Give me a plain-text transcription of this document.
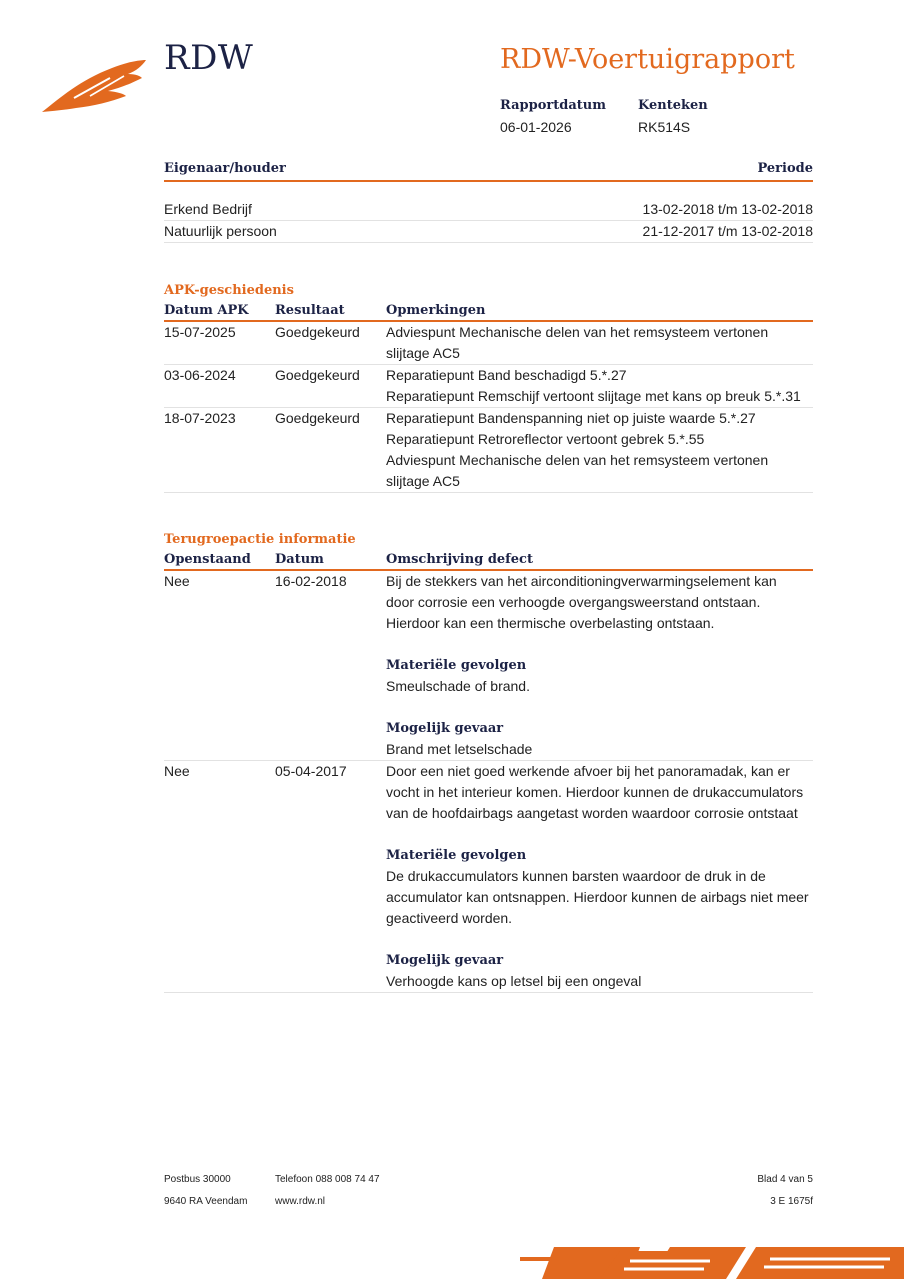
RDW	RDW-Voertuigrapport
Rapportdatum
06-01-2026
Kenteken
RK514S
Eigenaar/houder	Periode
Erkend Bedrijf	13-02-2018 t/m 13-02-2018
Natuurlijk persoon	21-12-2017 t/m 13-02-2018
APK-geschiedenis
Datum APK	Resultaat	Opmerkingen
15-07-2025	Goedgekeurd	Adviespunt Mechanische delen van het remsysteem vertonen
slijtage AC5
03-06-2024	Goedgekeurd	Reparatiepunt Band beschadigd 5.*.27
Reparatiepunt Remschijf vertoont slijtage met kans op breuk 5.*.31
18-07-2023	Goedgekeurd	Reparatiepunt Bandenspanning niet op juiste waarde 5.*.27
Reparatiepunt Retroreflector vertoont gebrek 5.*.55
Adviespunt Mechanische delen van het remsysteem vertonen
slijtage AC5
Terugroepactie informatie
Openstaand	Datum	Omschrijving defect
Nee	16-02-2018	Bij de stekkers van het airconditioningverwarmingselement kan
door corrosie een verhoogde overgangsweerstand ontstaan.
Hierdoor kan een thermische overbelasting ontstaan.
Materiële gevolgen
Smeulschade of brand.
Mogelijk gevaar
Brand met letselschade
Nee	05-04-2017	Door een niet goed werkende afvoer bij het panoramadak, kan er
vocht in het interieur komen. Hierdoor kunnen de drukaccumulators
van de hoofdairbags aangetast worden waardoor corrosie ontstaat
Materiële gevolgen
De drukaccumulators kunnen barsten waardoor de druk in de
accumulator kan ontsnappen. Hierdoor kunnen de airbags niet meer
geactiveerd worden.
Mogelijk gevaar
Verhoogde kans op letsel bij een ongeval
Postbus 30000
9640 RA Veendam
Telefoon 088 008 74 47
www.rdw.nl
Blad 4 van 5
3 E 1675f
